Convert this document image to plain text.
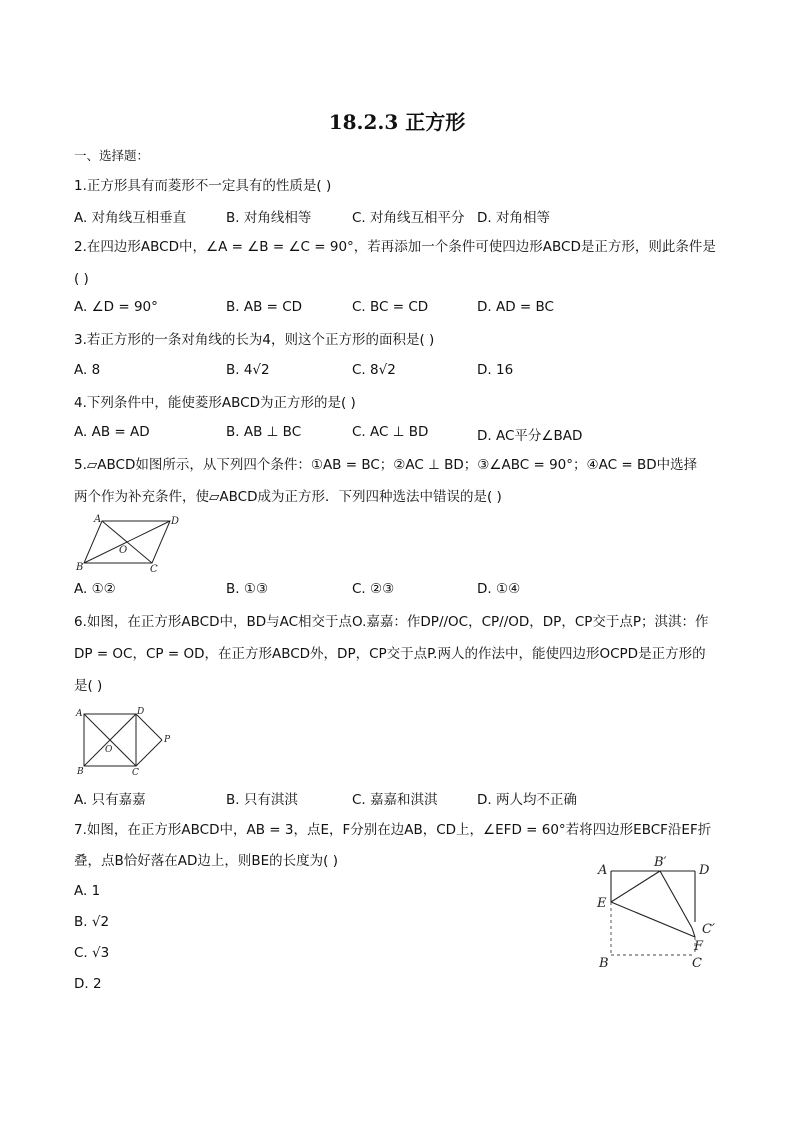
18.2.3 正方形
一、选择题：
1.正方形具有而菱形不一定具有的性质是( )
A. 对角线互相垂直	B. 对角线相等	C. 对角线互相平分 D. 对角相等
2.在四边形ABCD中，∠A = ∠B = ∠C = 90°，若再添加一个条件可使四边形ABCD是正方形，则此条件是
( )
A. ∠D = 90°	B. AB = CD	C. BC = CD	D. AD = BC
3.若正方形的一条对角线的长为4，则这个正方形的面积是( )
A. 8	B. 4√2	C. 8√2	D. 16
4.下列条件中，能使菱形ABCD为正方形的是( )
A. AB = AD	B. AB ⊥ BC	C. AC ⊥ BD	D. AC平分∠BAD
5.▱ABCD如图所示，从下列四个条件：①AB = BC；②AC ⊥ BD；③∠ABC = 90°；④AC = BD中选择
两个作为补充条件，使▱ABCD成为正方形．下列四种选法中错误的是( )
A	D
O
B	C
A. ①②	B. ①③	C. ②③	D. ①④
6.如图，在正方形ABCD中，BD与AC相交于点O.嘉嘉：作DP//OC，CP//OD，DP，CP交于点P；淇淇：作
DP = OC，CP = OD，在正方形ABCD外，DP，CP交于点P.两人的作法中，能使四边形OCPD是正方形的
是( )
A	D
O
P
B	C
A. 只有嘉嘉	B. 只有淇淇	C. 嘉嘉和淇淇	D. 两人均不正确
7.如图，在正方形ABCD中，AB = 3，点E，F分别在边AB，CD上，∠EFD = 60°若将四边形EBCF沿EF折
叠，点B恰好落在AD边上，则BE的长度为( )
A. 1
B. √2
C. √3
D. 2
A
B′
D
E
C′
F
B	C
